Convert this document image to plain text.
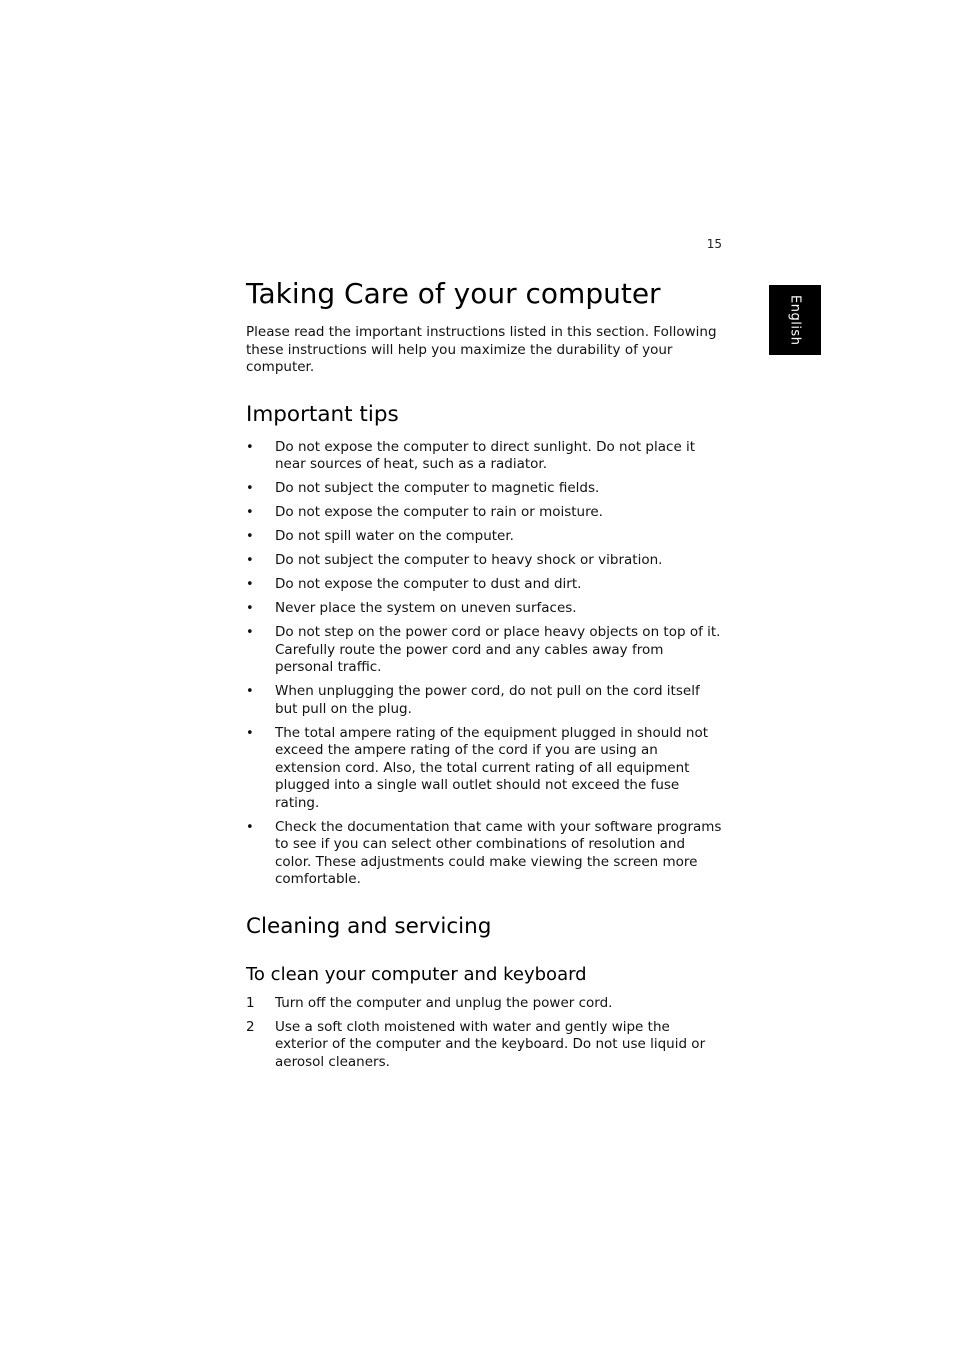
15
English
Taking Care of your computer

Please read the important instructions listed in this section. Following these instructions will help you maximize the durability of your computer.

Important tips
•	Do not expose the computer to direct sunlight. Do not place it near sources of heat, such as a radiator.
•	Do not subject the computer to magnetic fields.
•	Do not expose the computer to rain or moisture.
•	Do not spill water on the computer.
•	Do not subject the computer to heavy shock or vibration.
•	Do not expose the computer to dust and dirt.
•	Never place the system on uneven surfaces.
•	Do not step on the power cord or place heavy objects on top of it. Carefully route the power cord and any cables away from personal traffic.
•	When unplugging the power cord, do not pull on the cord itself but pull on the plug.
•	The total ampere rating of the equipment plugged in should not exceed the ampere rating of the cord if you are using an extension cord. Also, the total current rating of all equipment plugged into a single wall outlet should not exceed the fuse rating.
•	Check the documentation that came with your software programs to see if you can select other combinations of resolution and color. These adjustments could make viewing the screen more comfortable.
Cleaning and servicing
To clean your computer and keyboard
1	Turn off the computer and unplug the power cord.
2	Use a soft cloth moistened with water and gently wipe the exterior of the computer and the keyboard. Do not use liquid or aerosol cleaners.
